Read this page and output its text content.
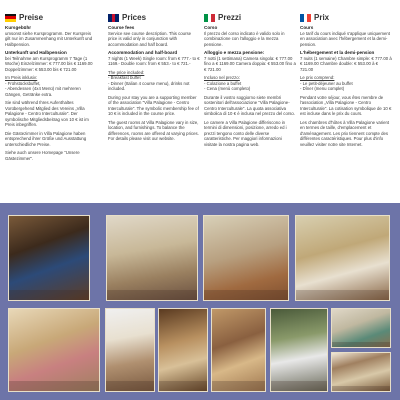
Preise
Kursgebühr

umsonst siehe Kursprogramm. Der Kurspreis gilt nur im Zusammenhang mit Unterkunft und Halbpension.

Unterkunft und Halbpension

bei Teilnahme am Kursprogramm 7 Tage (1 Woche) Einzelzimmer: € 777.00 bis € 1169.00 Doppelzimmer: € 553.00 bis € 721.00

Im Preis inklusiv:
- Frühstücksbuffet,
- Abendessen (4x4 Menü) mit mehreren Gängen, Getränke extra.

Sie sind während Ihres Aufenthaltes Vorübergehend Mitglied des Vereins „Villa Palagione - Centro Interculturale". Der symbolische Mitgliedsbeitrag von 10 € ist im Preis inbegriffen.

Die Gästezimmer in Villa Palagione haben entsprechend ihrer Größe und Ausstattung unterschiedliche Preise.

Siehe auch unsere Homepage "Unsere Gästezimmer".

Prices
Course fees

Service see course description. This course price is valid only in conjunction with accommodation and half board.

Accommodation and half-board

7 nights (1 Week) Single room: from € 777.- to € 1169.- Double room: from € 553.- to € 721.-

The price included:
- Breakfast buffet
- Dinner (Italian 4 course menu), drinks not included.

During your stay you are a supporting member of the association "Villa Palagione - Centro Interculturale". The symbolic membership fee of 10 € is included in the course price.

The guest rooms at Villa Palagione vary in size, location, and furnishings. To balance the differences, rooms are offered at varying prices. For details please visit our website.

Prezzi
Corso

Il prezzo del corso indicato è valido solo in combinazione con l'alloggio e la mezza pensione.

Alloggio e mezza pensione:

7 notti (1 settimana) Camera singola: € 777.00 fino a € 1169.00 Camera doppia: € 553.00 fino a € 721.00

Incluso nel prezzo:
- Colazione a buffet
- Cena (menù completo)

Durante il vostro soggiorno siete membri sostenitori dell'associazione "Villa Palagione-Centro Interculturale". La quota associativa simbolica di 10 € è inclusa nel prezzo del corso.

Le camere a Villa Palagione differiscono in termini di dimensioni, posizione, arredo ed i prezzi tengono conto delle diverse caratteristiche. Per maggiori informazioni visitate la nostra pagina web.

Prix
Cours

Le tarif du cours indiqué s'applique uniquement en association avec l'hébergement et la demi-pension.

L'hébergement et la demi-pension

7 nuits (1 semaine) Chambre simple: € 777.00 à € 1169.00 Chambre double: € 553.00 à € 721.00

Le prix comprend:
- Le petit-déjeuner au buffet
- Dîner (menu complet)

Pendant votre séjour, vous êtes membre de l'association „Villa Palagione - Centro Interculturale". La cotisation symbolique de 10 € est incluse dans le prix du cours.

Les chambres d'hôtes à Villa Palagione varient en termes de taille, d'emplacement et d'aménagement. Les prix tiennent compte des différentes caractéristiques. Pour plus d'info veuillez visiter notre site Internet.
